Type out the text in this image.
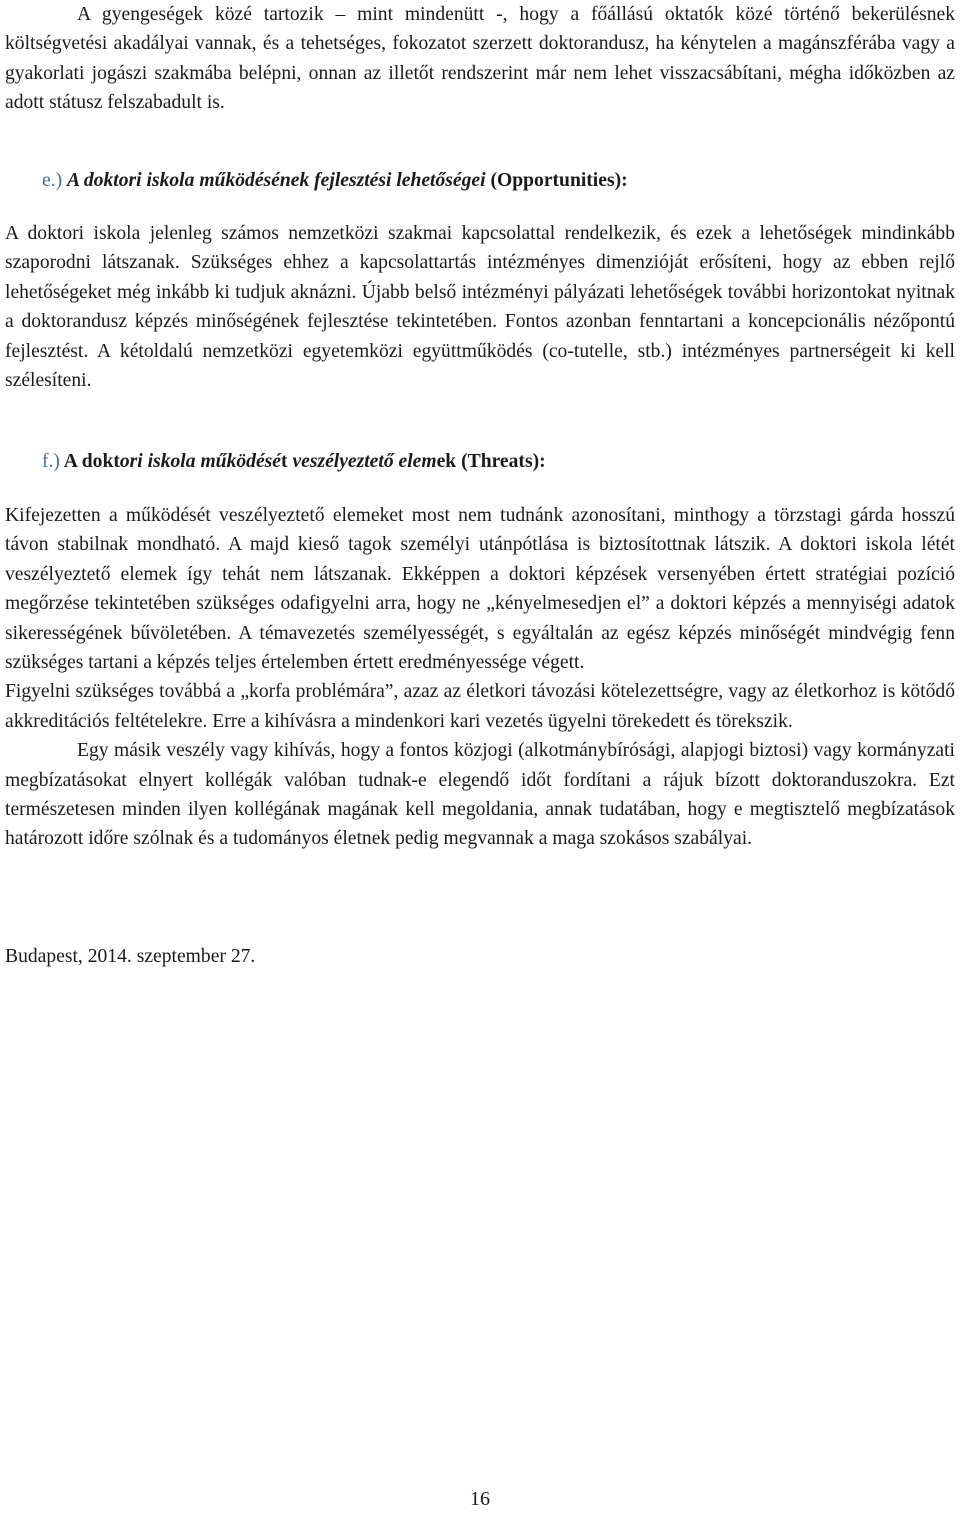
A gyengeségek közé tartozik – mint mindenütt -, hogy a főállású oktatók közé történő bekerülésnek költségvetési akadályai vannak, és a tehetséges, fokozatot szerzett doktorandusz, ha kénytelen a magánszférába vagy a gyakorlati jogászi szakmába belépni, onnan az illetőt rendszerint már nem lehet visszacsábítani, mégha időközben az adott státusz felszabadult is.

e.) A doktori iskola működésének fejlesztési lehetőségei (Opportunities):

A doktori iskola jelenleg számos nemzetközi szakmai kapcsolattal rendelkezik, és ezek a lehetőségek mindinkább szaporodni látszanak. Szükséges ehhez a kapcsolattartás intézményes dimenzióját erősíteni, hogy az ebben rejlő lehetőségeket még inkább ki tudjuk aknázni. Újabb belső intézményi pályázati lehetőségek további horizontokat nyitnak a doktorandusz képzés minőségének fejlesztése tekintetében. Fontos azonban fenntartani a koncepcionális nézőpontú fejlesztést. A kétoldalú nemzetközi egyetemközi együttműködés (co-tutelle, stb.) intézményes partnerségeit ki kell szélesíteni.

f.) A doktori iskola működését veszélyeztető elemek (Threats):

Kifejezetten a működését veszélyeztető elemeket most nem tudnánk azonosítani, minthogy a törzstagi gárda hosszú távon stabilnak mondható. A majd kieső tagok személyi utánpótlása is biztosítottnak látszik. A doktori iskola létét veszélyeztető elemek így tehát nem látszanak. Ekképpen a doktori képzések versenyében értett stratégiai pozíció megőrzése tekintetében szükséges odafigyelni arra, hogy ne „kényelmesedjen el” a doktori képzés a mennyiségi adatok sikerességének bűvöletében. A témavezetés személyességét, s egyáltalán az egész képzés minőségét mindvégig fenn szükséges tartani a képzés teljes értelemben értett eredményessége végett.

Figyelni szükséges továbbá a „korfa problémára”, azaz az életkori távozási kötelezettségre, vagy az életkorhoz is kötődő akkreditációs feltételekre. Erre a kihívásra a mindenkori kari vezetés ügyelni törekedett és törekszik.

Egy másik veszély vagy kihívás, hogy a fontos közjogi (alkotmánybírósági, alapjogi biztosi) vagy kormányzati megbízatásokat elnyert kollégák valóban tudnak-e elegendő időt fordítani a rájuk bízott doktoranduszokra. Ezt természetesen minden ilyen kollégának magának kell megoldania, annak tudatában, hogy e megtisztelő megbízatások határozott időre szólnak és a tudományos életnek pedig megvannak a maga szokásos szabályai.

Budapest, 2014. szeptember 27.

16
